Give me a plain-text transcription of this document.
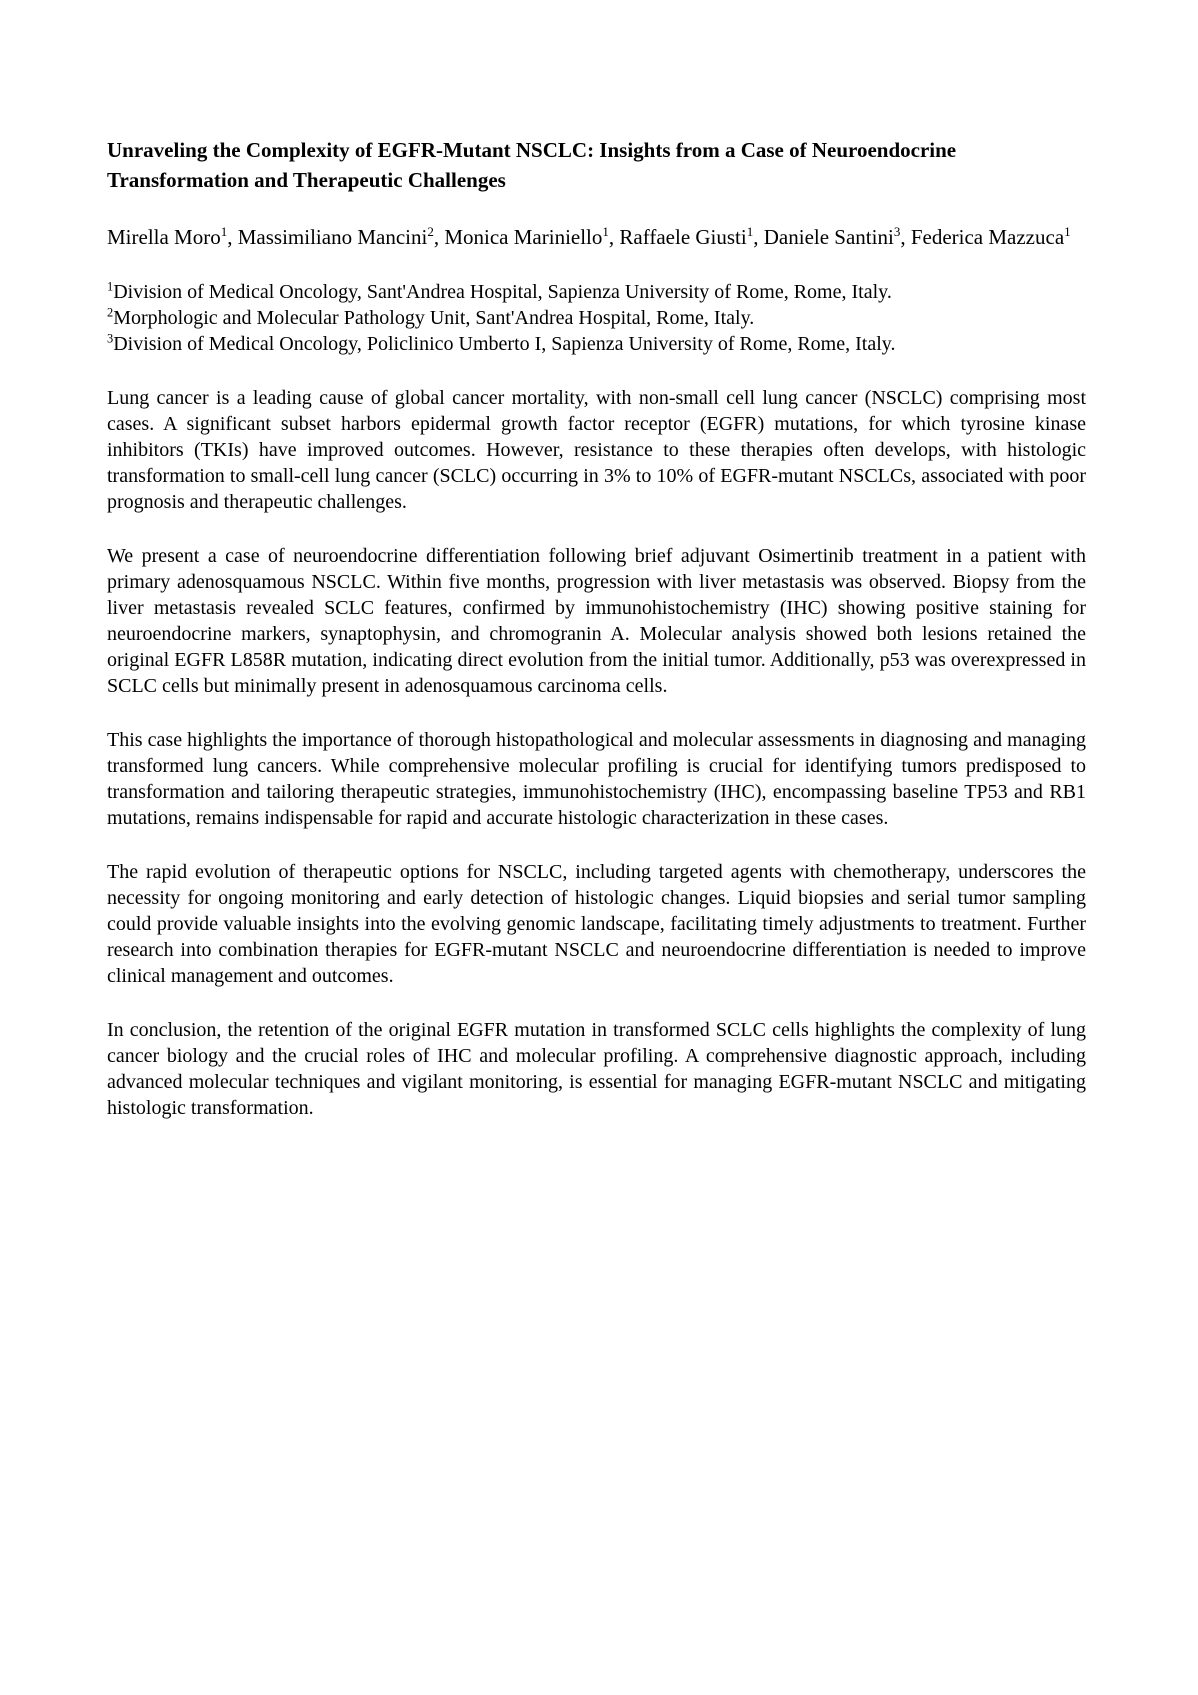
Unraveling the Complexity of EGFR-Mutant NSCLC: Insights from a Case of Neuroendocrine Transformation and Therapeutic Challenges

Mirella Moro$^1$, Massimiliano Mancini$^2$, Monica Mariniello$^1$, Raffaele Giusti$^1$, Daniele Santini$^3$, Federica Mazzuca$^1$

$^1$Division of Medical Oncology, Sant'Andrea Hospital, Sapienza University of Rome, Rome, Italy.
$^2$Morphologic and Molecular Pathology Unit, Sant'Andrea Hospital, Rome, Italy.
$^3$Division of Medical Oncology, Policlinico Umberto I, Sapienza University of Rome, Rome, Italy.

Lung cancer is a leading cause of global cancer mortality, with non-small cell lung cancer (NSCLC) comprising most cases. A significant subset harbors epidermal growth factor receptor (EGFR) mutations, for which tyrosine kinase inhibitors (TKIs) have improved outcomes. However, resistance to these therapies often develops, with histologic transformation to small-cell lung cancer (SCLC) occurring in 3% to 10% of EGFR-mutant NSCLCs, associated with poor prognosis and therapeutic challenges.

We present a case of neuroendocrine differentiation following brief adjuvant Osimertinib treatment in a patient with primary adenosquamous NSCLC. Within five months, progression with liver metastasis was observed. Biopsy from the liver metastasis revealed SCLC features, confirmed by immunohistochemistry (IHC) showing positive staining for neuroendocrine markers, synaptophysin, and chromogranin A. Molecular analysis showed both lesions retained the original EGFR L858R mutation, indicating direct evolution from the initial tumor. Additionally, p53 was overexpressed in SCLC cells but minimally present in adenosquamous carcinoma cells.

This case highlights the importance of thorough histopathological and molecular assessments in diagnosing and managing transformed lung cancers. While comprehensive molecular profiling is crucial for identifying tumors predisposed to transformation and tailoring therapeutic strategies, immunohistochemistry (IHC), encompassing baseline TP53 and RB1 mutations, remains indispensable for rapid and accurate histologic characterization in these cases.

The rapid evolution of therapeutic options for NSCLC, including targeted agents with chemotherapy, underscores the necessity for ongoing monitoring and early detection of histologic changes. Liquid biopsies and serial tumor sampling could provide valuable insights into the evolving genomic landscape, facilitating timely adjustments to treatment. Further research into combination therapies for EGFR-mutant NSCLC and neuroendocrine differentiation is needed to improve clinical management and outcomes.

In conclusion, the retention of the original EGFR mutation in transformed SCLC cells highlights the complexity of lung cancer biology and the crucial roles of IHC and molecular profiling. A comprehensive diagnostic approach, including advanced molecular techniques and vigilant monitoring, is essential for managing EGFR-mutant NSCLC and mitigating histologic transformation.
